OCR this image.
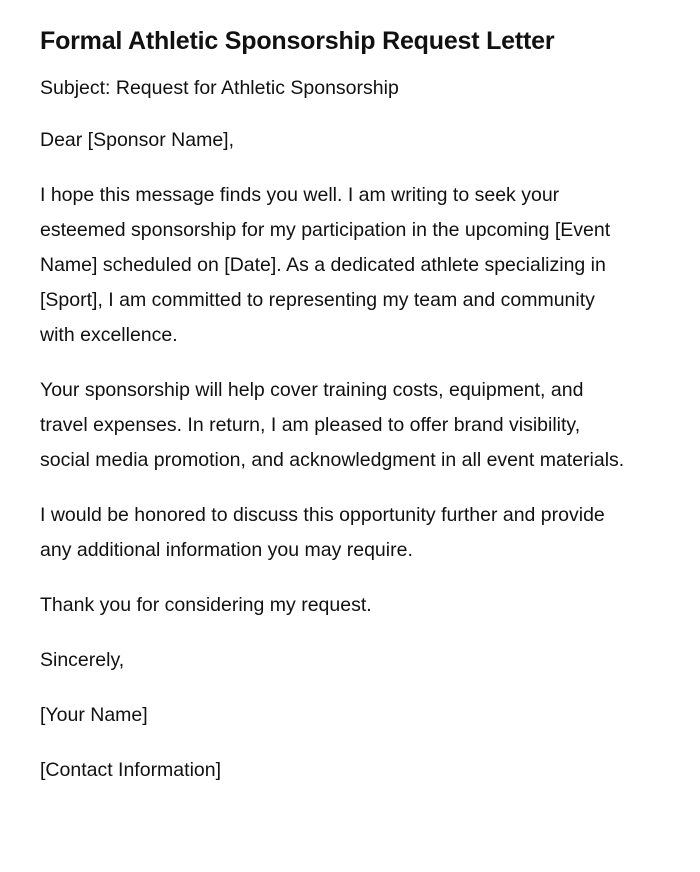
Formal Athletic Sponsorship Request Letter

Subject: Request for Athletic Sponsorship

Dear [Sponsor Name],

I hope this message finds you well. I am writing to seek your esteemed sponsorship for my participation in the upcoming [Event Name] scheduled on [Date]. As a dedicated athlete specializing in [Sport], I am committed to representing my team and community with excellence.

Your sponsorship will help cover training costs, equipment, and travel expenses. In return, I am pleased to offer brand visibility, social media promotion, and acknowledgment in all event materials.

I would be honored to discuss this opportunity further and provide any additional information you may require.

Thank you for considering my request.

Sincerely,

[Your Name]

[Contact Information]
